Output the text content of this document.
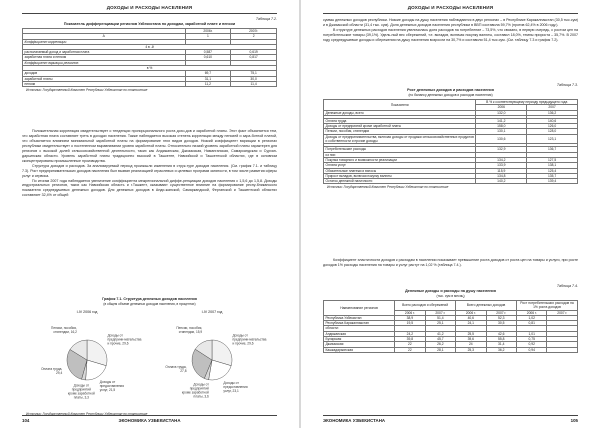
ДОХОДЫ И РАСХОДЫ НАСЕЛЕНИЯ
Таблица 7.2.
Показатель дифференциации регионов Узбекистана по доходам, заработной плате и пенсии
	2006г.	2007г.
А	1	2
Коэффициент корреляции:		
4 в -й		
располагаемый доход и заработная плата	0,587	0,619
заработная плата и пенсия	0,610	0,817
Коэффициент вариации регионов:		
в %		
доходов	69,7	75,1
заработной платы	31,1	30,0
пенсии	11,2	11,4
Источник: Государственный Комитет Республики Узбекистан по статистике

Положительная корреляция свидетельствует о тенденции пропорционального роста дохо-дов и заработной платы. Этот факт объясняется тем, что заработная плата составляет треть в доходах населения. Также наблюдается высокая степень корреляции между пенсией и зара-ботной платой, что объясняется влиянием минимальной заработной платы на формирование этих видов доходов. Низкий коэффициент вариации в регионах республики свидетельствует о постепенном выравнивании уровня заработной платы. Относительно низкий уровень заработной платы характерен для регионов с высокой долей сельскохозяйственной деятельности, таких как Андижанская, Джизакская, Наманганская, Самаркандская и Сурхан-дарьинская области. Уровень заработной платы традиционно высокий в Ташкенте, Навоийской и Ташкентской областях, где в основном сконцентрированы промышленные производства.

Структура доходов и расходов. За анализируемый период произошли изменения в струк-туре доходов населения. (См. график 7.1. и таблицу 7.3). Рост предпринимательских доходов населения был вызван реализацией отраслевых и целевых программ занятости, в том числе развития сферы услуг и сервиса.

По итогам 2007 года наблюдается увеличение коэффициента межрегиональной диффе-ренциации доходов населения с 1,5,6 до 1,5,8. Доходы индустриальных регионов, таких как Навоийская область и г.Ташкент, оказывают существенное влияние на формирование респу-бликанского показателя среднедушевых денежных доходов. Для денежных доходов в Анди-жанской, Самаркандской, Ферганской и Ташкентской областях составляет 32,4% от общей

График 7.1. Структура денежных доходов населения
(в общем объеме денежных доходов населения, в процентах)
I-IV 2006 год
Доходы от предприни-мательства и прочие, 29,6
Доходы от предоставления услуг, 21,5
Доходы от предприятий кроме заработной платы, 3,3
Оплата труда, 29,4
Пенсии, пособия, стипендии, 16,2
I-IV 2007 год
Доходы от предприни-мательства и прочие, 29,6
Доходы от предоставления услуг, 23,1
Доходы от предприятий кроме заработной платы, 3,6
Оплата труда, 27,8
Пенсии, пособия, стипендии, 15,9
Источник: Государственный Комитет Республики Узбекистан по статистике
104	ЭКОНОМИКА УЗБЕКИСТАНА
ДОХОДЫ И РАСХОДЫ НАСЕЛЕНИЯ

суммы денежных доходов республики. Низкие доходы на душу населения наблюдаются в двух регионах – в Республике Каракалпакстан (30,5 тыс.сум) и в Джизакской области (31,4 тыс. сум). Доля денежных доходов населения республики в ВВП составила 59,7% (против 62,4% в 2006 году.).

В структуре денежных расходов населения увеличилась доля расходов на потребление – 73,5%, что связано, в первую очередь, с ростом цен на потребительские товары (39,1%). Удель-ный вес сбережений, т.е. вкладов, включая покупку валюты, составил 18,0%, темпы прироста – 35,7%. В 2007 году среднедушевые доходы и сбережения на душу населения возросли на 30,7% и составили 51,4 тыс.сум. (См. таблицу 7.3 и график 7.2).

Таблица 7.3.
Рост денежных доходов и расходов населения
(по балансу денежных доходов и расходов населения)
Показатели	В % к соответствующему периоду предыдущего года	
	2006	2007
Денежные доходы, всего	132,0	136,2

Оплата труда	141,2	140,6
Доходы от предприятий кроме заработной платы	158,0	126,0
Пенсии, пособия, стипендии	130,1	128,0
Доходы от предпринимательства, включая доходы от продажи сельскохозяйственных продуктов и собственности и прочие доходы	130,6	123,1

Потребительские расходы	132,9	136,7
из них:		
Покупка товарного и возможности реализации	134,2	127,5
Оплата услуг	133,9	138,1
Обязательные платежи и взносы	115,9	125,4
Прирост вкладов, включая покупку валюты	134,8	135,7
Остаток денежной наличности	140,2	139,4
Источник: Государственный Комитет Республики Узбекистан по статистике

Коэффициент эластичности доходов к расходам в населении показывает превышение роста доходов от роста цен на товары и услуги, при росте доходов 1% расходы населения на товары и услуг растут на 1,02 % (таблица 7.4.).

Таблица 7.4.
Денежные доходы и расходы на душу населения
(тыс. сум в месяц)
Наименование регионов	Всего расходов и сбережений		Всего денежных доходов		Рост потребительских расходов на 1% роста доходов	
	2006 г.	2007 г.	2006 г.	2007 г.	2006 г.	2007 г.
Республика Узбекистан	38,9	51,4	40,6	52,3	1,02	
Республика Каракалпакстан	19,5	25,1	24,1	30,5	0,81	
области:						
Андижанская	24,2	41,2	25,5	42,6	1,01	
Бухарская	39,8	45,7	39,6	55,8	0,75	
Джизакская	22	26,2	24	31,4	0,92	
Кашкадарьинская	22	28,1	25,3	36,2	0,94	
ЭКОНОМИКА УЗБЕКИСТАНА	105
